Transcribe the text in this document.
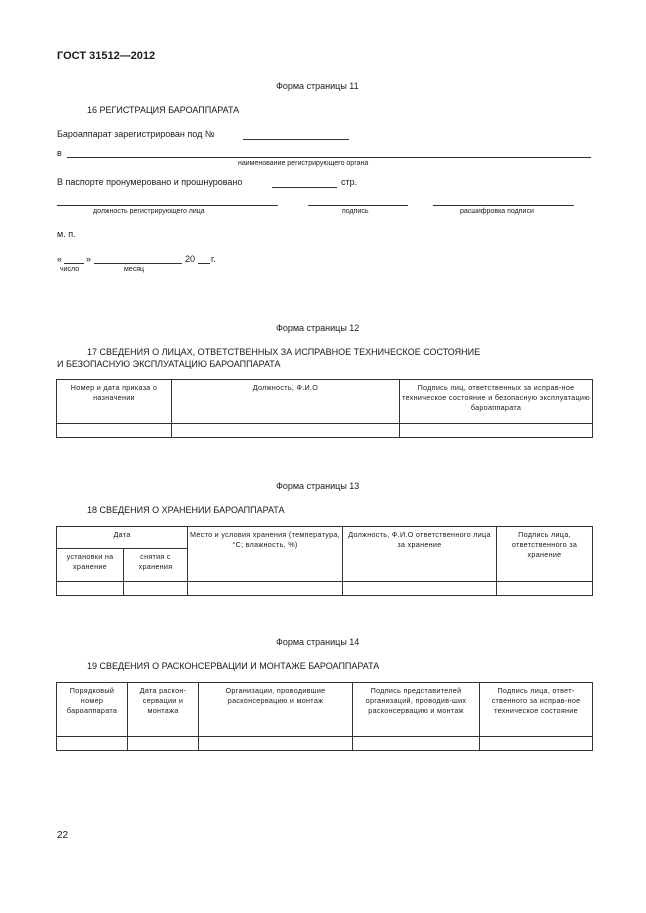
ГОСТ 31512—2012
Форма страницы 11
16 РЕГИСТРАЦИЯ БАРОАППАРАТА
Бароаппарат зарегистрирован под №
в
наименование регистрирующего органа
В паспорте пронумеровано и прошнуровано	стр.
должность регистрирующего лица	подпись	расшифровка подписи
м. п.
«	»	20 г.
число	месяц
Форма страницы 12
17 СВЕДЕНИЯ О ЛИЦАХ, ОТВЕТСТВЕННЫХ ЗА ИСПРАВНОЕ ТЕХНИЧЕСКОЕ СОСТОЯНИЕ
И БЕЗОПАСНУЮ ЭКСПЛУАТАЦИЮ БАРОАППАРАТА
Номер и дата приказа о назначении	Должность, Ф.И.О	Подпись лиц, ответственных за исправ-ное техническое состояние и безопасную эксплуатацию бароаппарата

Форма страницы 13
18 СВЕДЕНИЯ О ХРАНЕНИИ БАРОАППАРАТА
Дата		Место и условия хранения (температура, °С; влажность, %)	Должность, Ф.И.О ответственного лица за хранение	Подпись лица, ответственного за хранение
установки на хранение	снятия с хранения			

Форма страницы 14
19 СВЕДЕНИЯ О РАСКОНСЕРВАЦИИ И МОНТАЖЕ БАРОАППАРАТА
Порядковый номер бароаппарата	Дата раскон-сервации и монтажа	Организации, проводившие расконсервацию и монтаж	Подпись представителей организаций, проводив-ших расконсервацию и монтаж	Подпись лица, ответ-ственного за исправ-ное техническое состояние

22
